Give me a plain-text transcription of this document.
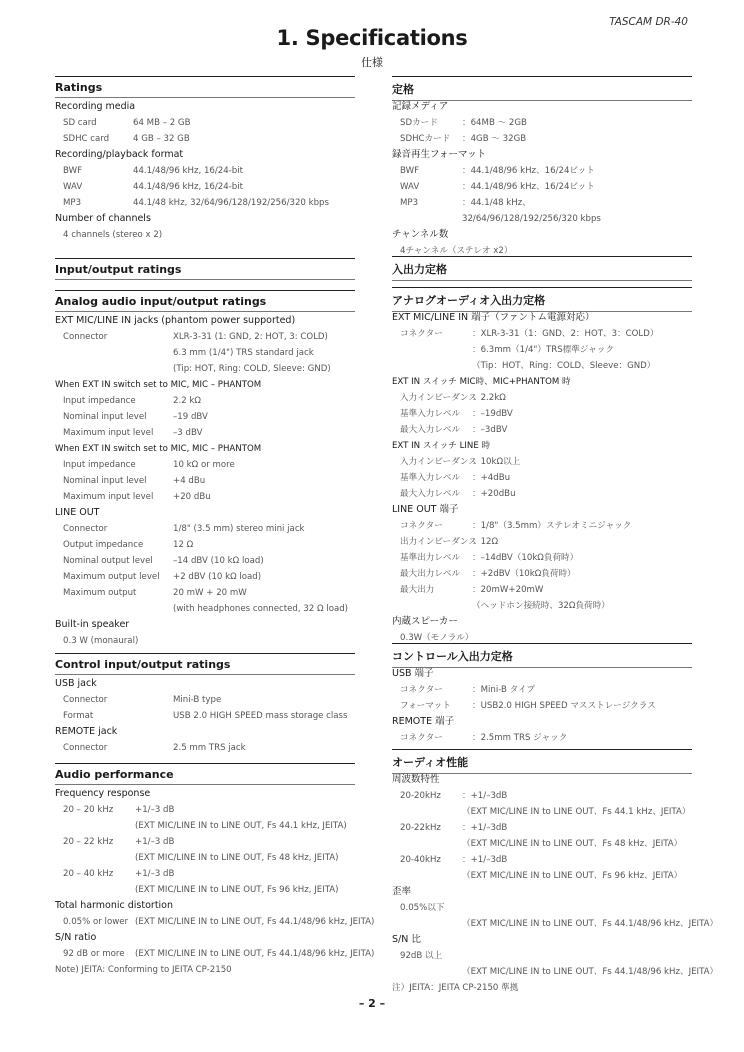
TASCAM DR-40
1. Specifications
仕様
Ratings
Recording media
SD card	64 MB – 2 GB
SDHC card	4 GB – 32 GB
Recording/playback format
BWF	44.1/48/96 kHz, 16/24-bit
WAV	44.1/48/96 kHz, 16/24-bit
MP3	44.1/48 kHz, 32/64/96/128/192/256/320 kbps
Number of channels
4 channels (stereo x 2)
Input/output ratings
Analog audio input/output ratings
EXT MIC/LINE IN jacks (phantom power supported)
Connector	XLR-3-31 (1: GND, 2: HOT, 3: COLD)
6.3 mm (1/4") TRS standard jack
(Tip: HOT, Ring: COLD, Sleeve: GND)
When EXT IN switch set to MIC, MIC – PHANTOM
Input impedance	2.2 kΩ
Nominal input level	–19 dBV
Maximum input level –3 dBV
When EXT IN switch set to MIC, MIC – PHANTOM
Input impedance	10 kΩ or more
Nominal input level	+4 dBu
Maximum input level +20 dBu
LINE OUT
Connector	1/8" (3.5 mm) stereo mini jack
Output impedance	12 Ω
Nominal output level –14 dBV (10 kΩ load)
Maximum output level +2 dBV (10 kΩ load)
Maximum output	20 mW + 20 mW
(with headphones connected, 32 Ω load)
Built-in speaker
0.3 W (monaural)
Control input/output ratings
USB jack
Connector	Mini-B type
Format	USB 2.0 HIGH SPEED mass storage class
REMOTE jack
Connector	2.5 mm TRS jack
Audio performance
Frequency response
20 – 20 kHz	+1/–3 dB
(EXT MIC/LINE IN to LINE OUT, Fs 44.1 kHz, JEITA)
20 – 22 kHz	+1/–3 dB
(EXT MIC/LINE IN to LINE OUT, Fs 48 kHz, JEITA)
20 – 40 kHz	+1/–3 dB
(EXT MIC/LINE IN to LINE OUT, Fs 96 kHz, JEITA)
Total harmonic distortion
0.05% or lower (EXT MIC/LINE IN to LINE OUT, Fs 44.1/48/96 kHz, JEITA)
S/N ratio
92 dB or more (EXT MIC/LINE IN to LINE OUT, Fs 44.1/48/96 kHz, JEITA)
Note) JEITA: Conforming to JEITA CP-2150
定格
記録メディア
SDカード	：64MB 〜 2GB
SDHCカード ：4GB 〜 32GB
録音再生フォーマット
BWF	：44.1/48/96 kHz、16/24ビット
WAV	：44.1/48/96 kHz、16/24ビット
MP3	：44.1/48 kHz、
32/64/96/128/192/256/320 kbps
チャンネル数
4チャンネル（ステレオ x2）
入出力定格
アナログオーディオ入出力定格
EXT MIC/LINE IN 端子（ファントム電源対応）
コネクター	：XLR-3-31（1：GND、2：HOT、3：COLD）
：6.3mm（1/4"）TRS標準ジャック
（Tip：HOT、Ring：COLD、Sleeve：GND）
EXT IN スイッチ MIC時、MIC+PHANTOM 時
入力インピーダンス
：2.2kΩ
基準入力レベル ：–19dBV
最大入力レベル ：–3dBV
EXT IN スイッチ LINE 時
入力インピーダンス
：10kΩ以上
基準入力レベル ：+4dBu
最大入力レベル ：+20dBu
LINE OUT 端子
コネクター	：1/8"（3.5mm）ステレオミニジャック
出力インピーダンス
：12Ω
基準出力レベル ：–14dBV（10kΩ負荷時）
最大出力レベル ：+2dBV（10kΩ負荷時）
最大出力	：20mW+20mW
（ヘッドホン接続時、32Ω負荷時）
内蔵スピーカー
0.3W（モノラル）
コントロール入出力定格
USB 端子
コネクター	：Mini-B タイプ
フォーマット ：USB2.0 HIGH SPEED マスストレージクラス
REMOTE 端子
コネクター	：2.5mm TRS ジャック
オーディオ性能
周波数特性
20-20kHz ：+1/–3dB
（EXT MIC/LINE IN to LINE OUT、Fs 44.1 kHz、JEITA）
20-22kHz ：+1/–3dB
（EXT MIC/LINE IN to LINE OUT、Fs 48 kHz、JEITA）
20-40kHz ：+1/–3dB
（EXT MIC/LINE IN to LINE OUT、Fs 96 kHz、JEITA）
歪率
0.05%以下
（EXT MIC/LINE IN to LINE OUT、Fs 44.1/48/96 kHz、JEITA）
S/N 比
92dB 以上
（EXT MIC/LINE IN to LINE OUT、Fs 44.1/48/96 kHz、JEITA）
注）JEITA：JEITA CP-2150 準拠
– 2 –
